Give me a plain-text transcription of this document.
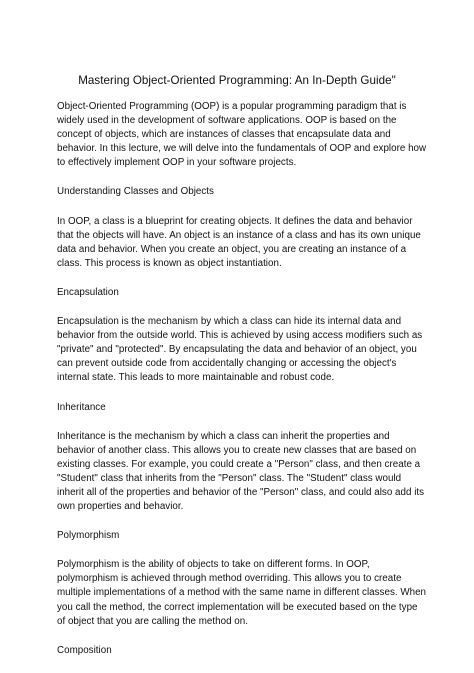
Mastering Object-Oriented Programming: An In-Depth Guide"
Object-Oriented Programming (OOP) is a popular programming paradigm that is widely used in the development of software applications. OOP is based on the concept of objects, which are instances of classes that encapsulate data and behavior. In this lecture, we will delve into the fundamentals of OOP and explore how to effectively implement OOP in your software projects.
Understanding Classes and Objects
In OOP, a class is a blueprint for creating objects. It defines the data and behavior that the objects will have. An object is an instance of a class and has its own unique data and behavior. When you create an object, you are creating an instance of a class. This process is known as object instantiation.
Encapsulation
Encapsulation is the mechanism by which a class can hide its internal data and behavior from the outside world. This is achieved by using access modifiers such as "private" and "protected". By encapsulating the data and behavior of an object, you can prevent outside code from accidentally changing or accessing the object's internal state. This leads to more maintainable and robust code.
Inheritance
Inheritance is the mechanism by which a class can inherit the properties and behavior of another class. This allows you to create new classes that are based on existing classes. For example, you could create a "Person" class, and then create a "Student" class that inherits from the "Person" class. The "Student" class would inherit all of the properties and behavior of the "Person" class, and could also add its own properties and behavior.
Polymorphism
Polymorphism is the ability of objects to take on different forms. In OOP, polymorphism is achieved through method overriding. This allows you to create multiple implementations of a method with the same name in different classes. When you call the method, the correct implementation will be executed based on the type of object that you are calling the method on.
Composition
